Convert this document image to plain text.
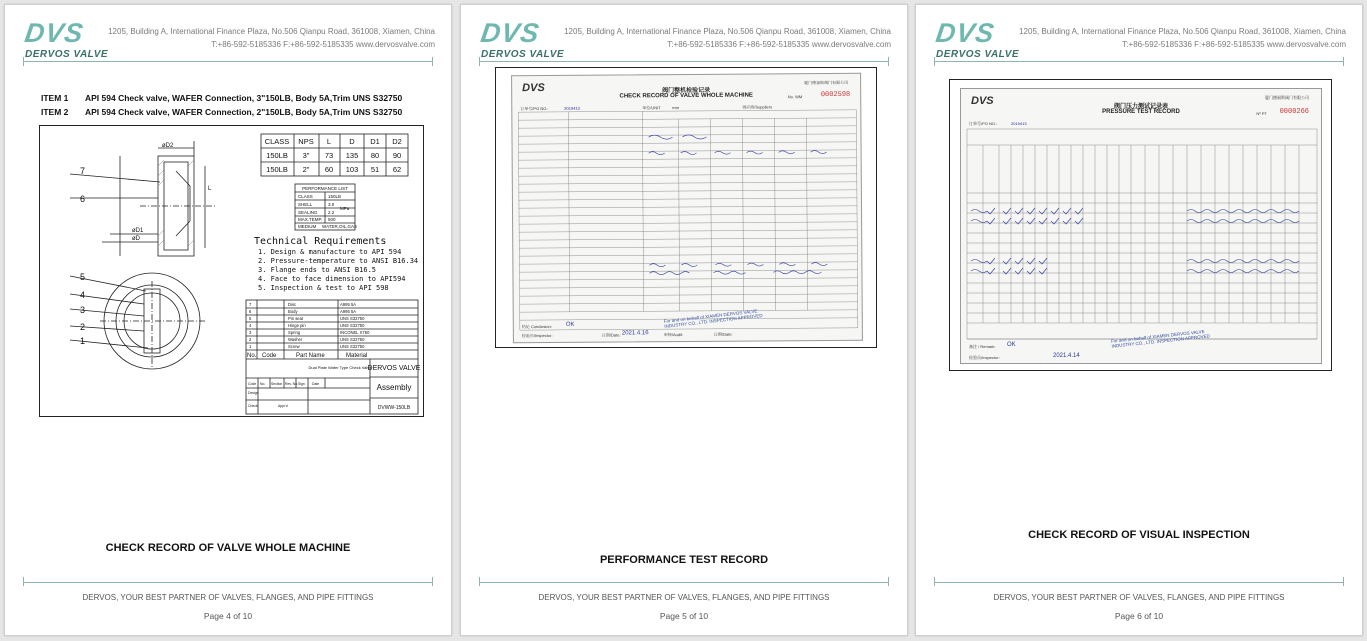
DVS
DERVOS VALVE
1205, Building A, International Finance Plaza, No.506 Qianpu Road, 361008, Xiamen, China
T:+86-592-5185336 F:+86-592-5185335 www.dervosvalve.com
ITEM 1 API 594 Check valve, WAFER Connection, 3"150LB, Body 5A,Trim UNS S32750
ITEM 2 API 594 Check valve, WAFER Connection, 2"150LB, Body 5A,Trim UNS S32750
CLASS NPS L D D1 D2
150LB 3" 73 135 80 90
150LB 2" 60 103 51 62
PERFORMANCE LIST
CLASS	150LB
SHELL	3.0
SEALING 2.2
MPa
MAX.TEMP. 500
MEDIUM WATER,OIL,GAS
Technical Requirements
1. Design & manufacture to API 594
2. Pressure-temperature to ANSI B16.34
3. Flange ends to ANSI B16.5
4. Face to face dimension to API594
5. Inspection & test to API 598
7
6
5
4
3
2
1
øD2
øD1
øD
L
7	Disc	A995 5A
6	Body	A995 5A
5	Pin seat	UNS S32750
4	Hinge pin	UNS S32750
3	Spring	INCONEL X750
2	Washer	UNS S32750
1	Screw	UNS S32750
No. Code	Part Name	Material
DERVOS VALVE
Assembly
DVWW-150LB
Dual Plate Wafer Type Check Valve
Code No. Section Rev. No. Sign Date
Design
Check	Appr'd
CHECK RECORD OF VALVE WHOLE MACHINE
DERVOS, YOUR BEST PARTNER OF VALVES, FLANGES, AND PIPE FITTINGS
Page 4 of 10
DVS
DERVOS VALVE
1205, Building A, International Finance Plaza, No.506 Qianpu Road, 361008, Xiamen, China
T:+86-592-5185336 F:+86-592-5185335 www.dervosvalve.com
DVS	厦门德福斯阀门有限公司
阀门整机检验记录
CHECK RECORD OF VALVE WHOLE MACHINE	No. WM	0002598
订单号/PO NO.:	2019413	单位/UNIT	mm	供应商/Suppliers
结论 Conclusion: OK
检验员/Inspector:	日期/Date: 2021.4.16	审核/Audit:	日期/Date:
For and on behalf of XIAMEN DERVOS VALVE INDUSTRY CO., LTD. INSPECTION APPROVED
PERFORMANCE TEST RECORD
DERVOS, YOUR BEST PARTNER OF VALVES, FLANGES, AND PIPE FITTINGS
Page 5 of 10
DVS
DERVOS VALVE
1205, Building A, International Finance Plaza, No.506 Qianpu Road, 361008, Xiamen, China
T:+86-592-5185336 F:+86-592-5185335 www.dervosvalve.com
DVS	厦门德福斯阀门有限公司
阀门压力测试记录表
PRESSURE TEST RECORD	Nº PT 0000266
订单号/PO NO.:	2019413
备注 / Remark: OK
检验员/Inspector:	2021.4.14
For and on behalf of XIAMEN DERVOS VALVE INDUSTRY CO., LTD. INSPECTION APPROVED
CHECK RECORD OF VISUAL INSPECTION
DERVOS, YOUR BEST PARTNER OF VALVES, FLANGES, AND PIPE FITTINGS
Page 6 of 10
